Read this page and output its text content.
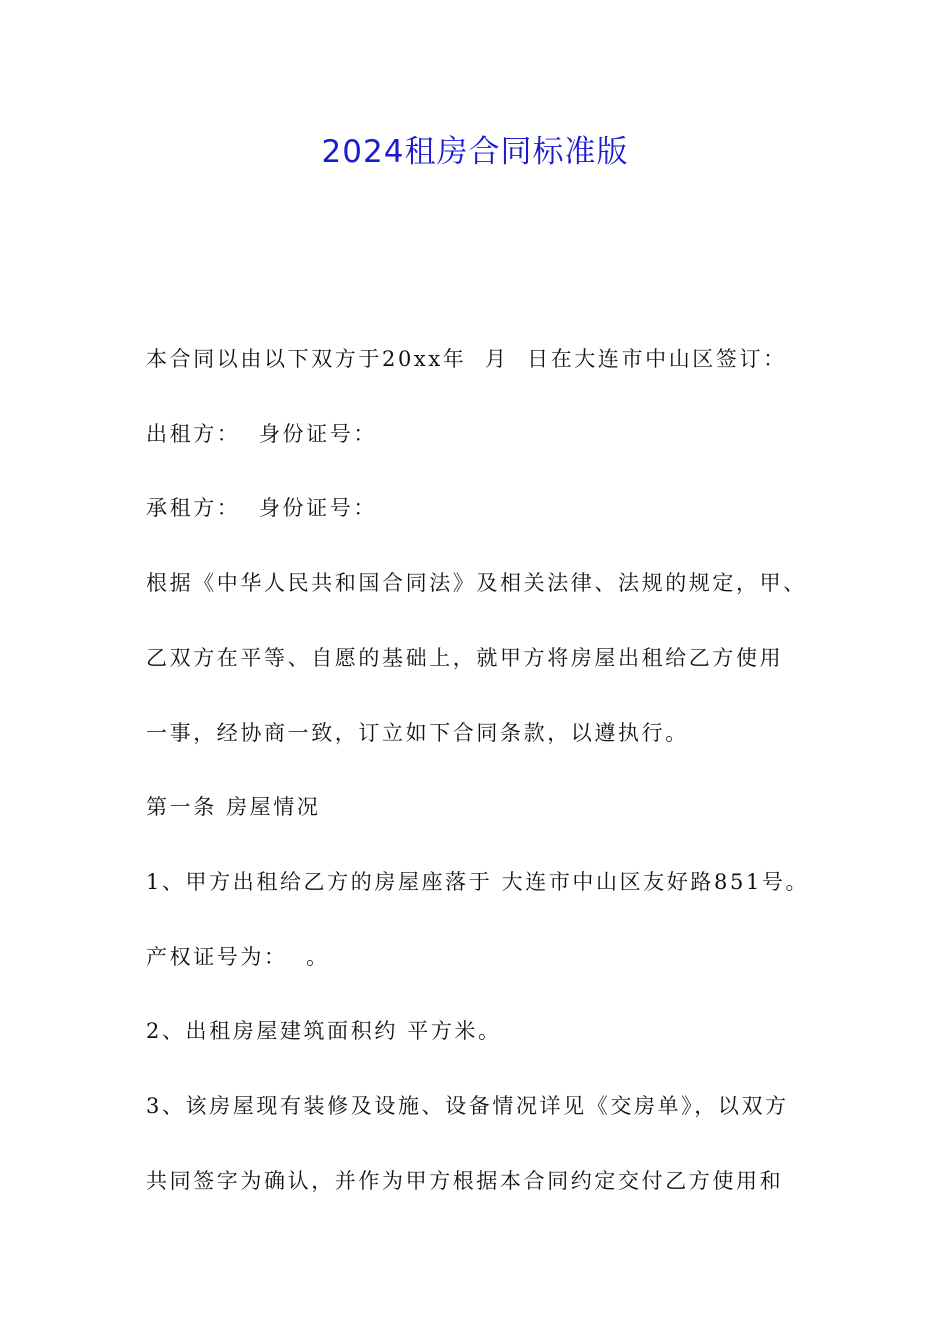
2024租房合同标准版
本合同以由以下双方于20xx年  月  日在大连市中山区签订：
出租方：  身份证号：
承租方：  身份证号：
根据《中华人民共和国合同法》及相关法律、法规的规定，甲、
乙双方在平等、自愿的基础上，就甲方将房屋出租给乙方使用
一事，经协商一致，订立如下合同条款，以遵执行。
第一条 房屋情况
1、甲方出租给乙方的房屋座落于 大连市中山区友好路851号。
产权证号为：  。
2、出租房屋建筑面积约 平方米。
3、该房屋现有装修及设施、设备情况详见《交房单》，以双方
共同签字为确认，并作为甲方根据本合同约定交付乙方使用和
